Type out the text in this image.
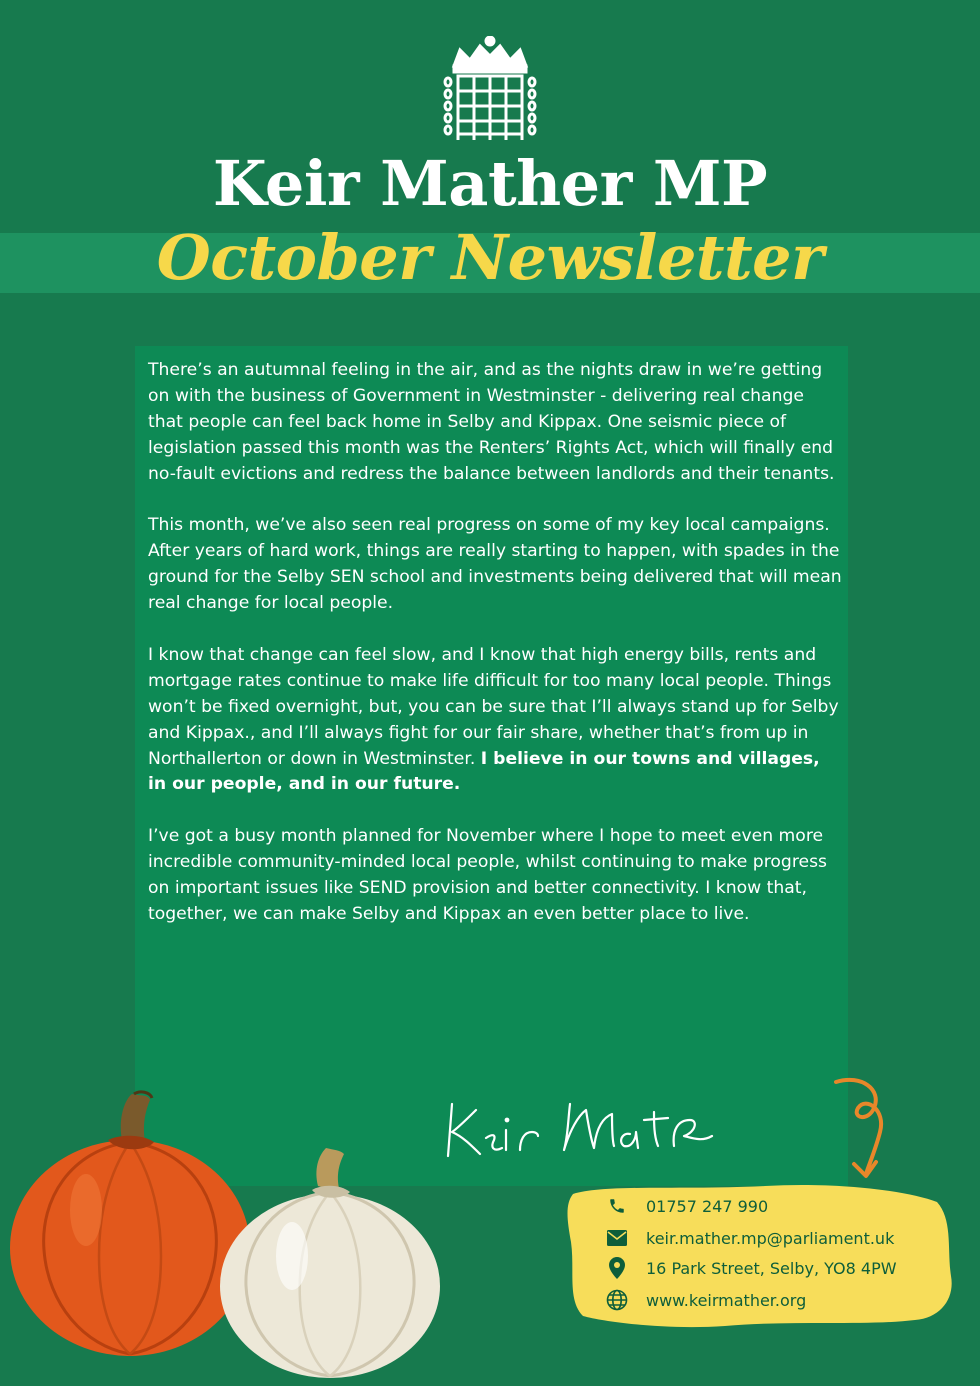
Keir Mather MP
October Newsletter

There’s an autumnal feeling in the air, and as the nights draw in we’re getting on with the business of Government in Westminster - delivering real change that people can feel back home in Selby and Kippax. One seismic piece of legislation passed this month was the Renters’ Rights Act, which will finally end no-fault evictions and redress the balance between landlords and their tenants.

This month, we’ve also seen real progress on some of my key local campaigns. After years of hard work, things are really starting to happen, with spades in the ground for the Selby SEN school and investments being delivered that will mean real change for local people.

I know that change can feel slow, and I know that high energy bills, rents and mortgage rates continue to make life difficult for too many local people. Things won’t be fixed overnight, but, you can be sure that I’ll always stand up for Selby and Kippax., and I’ll always fight for our fair share, whether that’s from up in Northallerton or down in Westminster. I believe in our towns and villages, in our people, and in our future.

I’ve got a busy month planned for November where I hope to meet even more incredible community-minded local people, whilst continuing to make progress on important issues like SEND provision and better connectivity. I know that, together, we can make Selby and Kippax an even better place to live.

01757 247 990
keir.mather.mp@parliament.uk
16 Park Street, Selby, YO8 4PW
www.keirmather.org
